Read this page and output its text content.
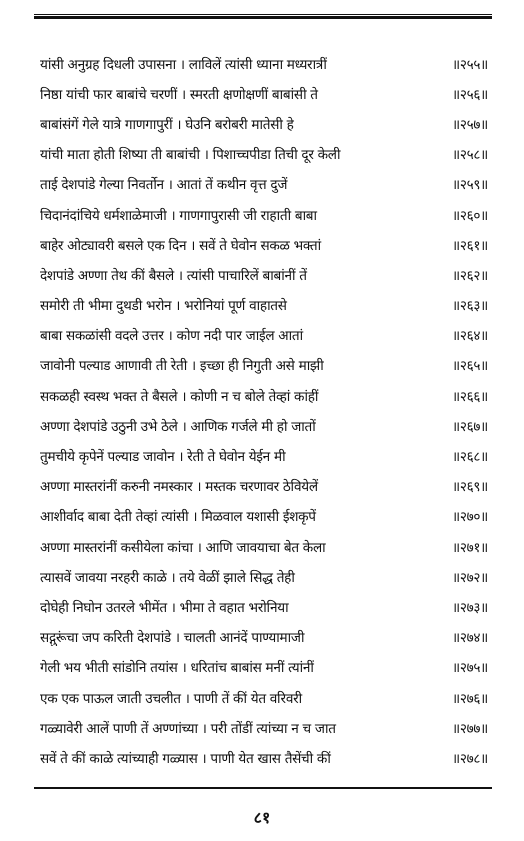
यांसी अनुग्रह दिधली उपासना । लाविलें त्यांसी ध्याना मध्यरात्रीं	॥२५५॥
निष्ठा यांची फार बाबांचे चरणीं । स्मरती क्षणोक्षणीं बाबांसी ते	॥२५६॥
बाबांसंगें गेले यात्रे गाणगापुरीं । घेउनि बरोबरी मातेसी हे	॥२५७॥
यांची माता होती शिष्या ती बाबांची । पिशाच्चपीडा तिची दूर केली	॥२५८॥
ताई देशपांडे गेल्या निवर्तोन । आतां तें कथीन वृत्त दुजें	॥२५९॥
चिदानंदांचिये धर्मशाळेमाजी । गाणगापुरासी जी राहाती बाबा	॥२६०॥
बाहेर ओट्यावरी बसले एक दिन । सवें ते घेवोन सकळ भक्तां	॥२६१॥
देशपांडे अण्णा तेथ कीं बैसले । त्यांसी पाचारिलें बाबांनीं तें	॥२६२॥
समोरी ती भीमा दुथडी भरोन । भरोनियां पूर्ण वाहातसे	॥२६३॥
बाबा सकळांसी वदले उत्तर । कोण नदी पार जाईल आतां	॥२६४॥
जावोनी पल्याड आणावी ती रेती । इच्छा ही निगुती असे माझी	॥२६५॥
सकळही स्वस्थ भक्त ते बैसले । कोणी न च बोले तेव्हां कांहीं	॥२६६॥
अण्णा देशपांडे उठुनी उभे ठेले । आणिक गर्जले मी हो जातों	॥२६७॥
तुमचीये कृपेनें पल्याड जावोन । रेती ते घेवोन येईन मी	॥२६८॥
अण्णा मास्तरांनीं करुनी नमस्कार । मस्तक चरणावर ठेवियेलें	॥२६९॥
आशीर्वाद बाबा देती तेव्हां त्यांसी । मिळवाल यशासी ईशकृपें	॥२७०॥
अण्णा मास्तरांनीं कसीयेला कांचा । आणि जावयाचा बेत केला	॥२७१॥
त्यासवें जावया नरहरी काळे । तये वेळीं झाले सिद्ध तेही	॥२७२॥
दोघेही निघोन उतरले भीमेंत । भीमा ते वहात भरोनिया	॥२७३॥
सद्गुरूंचा जप करिती देशपांडे । चालती आनंदें पाण्यामाजी	॥२७४॥
गेली भय भीती सांडोनि तयांस । धरितांच बाबांस मनीं त्यांनीं	॥२७५॥
एक एक पाऊल जाती उचलीत । पाणी तें कीं येत वरिवरी	॥२७६॥
गळ्यावेरी आलें पाणी तें अण्णांच्या । परी तोंडीं त्यांच्या न च जात	॥२७७॥
सवें ते कीं काळे त्यांच्याही गळ्यास । पाणी येत खास तैसेंची कीं	॥२७८॥
८१
